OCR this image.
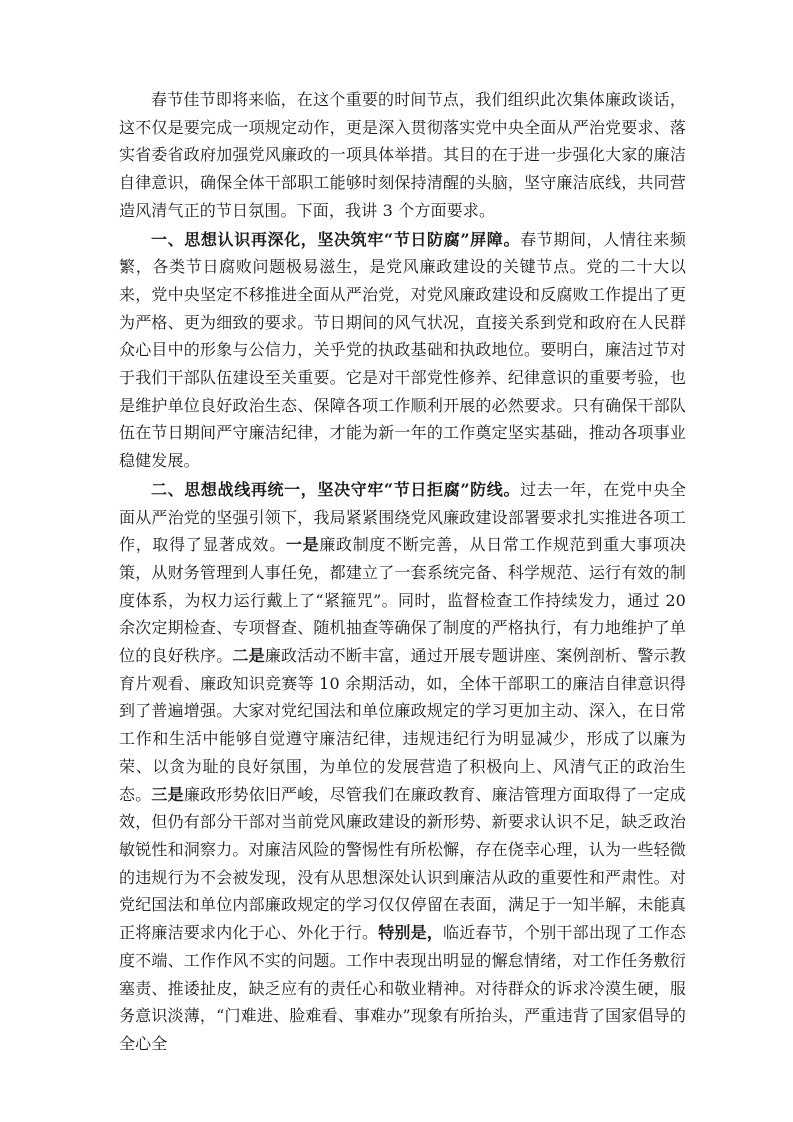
春节佳节即将来临，在这个重要的时间节点，我们组织此次集体廉政谈话，这不仅是要完成一项规定动作，更是深入贯彻落实党中央全面从严治党要求、落实省委省政府加强党风廉政的一项具体举措。其目的在于进一步强化大家的廉洁自律意识，确保全体干部职工能够时刻保持清醒的头脑，坚守廉洁底线，共同营造风清气正的节日氛围。下面，我讲 3 个方面要求。

一、思想认识再深化，坚决筑牢“节日防腐”屏障。春节期间，人情往来频繁，各类节日腐败问题极易滋生，是党风廉政建设的关键节点。党的二十大以来，党中央坚定不移推进全面从严治党，对党风廉政建设和反腐败工作提出了更为严格、更为细致的要求。节日期间的风气状况，直接关系到党和政府在人民群众心目中的形象与公信力，关乎党的执政基础和执政地位。要明白，廉洁过节对于我们干部队伍建设至关重要。它是对干部党性修养、纪律意识的重要考验，也是维护单位良好政治生态、保障各项工作顺利开展的必然要求。只有确保干部队伍在节日期间严守廉洁纪律，才能为新一年的工作奠定坚实基础，推动各项事业稳健发展。

二、思想战线再统一，坚决守牢“节日拒腐”防线。过去一年，在党中央全面从严治党的坚强引领下，我局紧紧围绕党风廉政建设部署要求扎实推进各项工作，取得了显著成效。一是廉政制度不断完善，从日常工作规范到重大事项决策，从财务管理到人事任免，都建立了一套系统完备、科学规范、运行有效的制度体系，为权力运行戴上了“紧箍咒”。同时，监督检查工作持续发力，通过 20 余次定期检查、专项督查、随机抽查等确保了制度的严格执行，有力地维护了单位的良好秩序。二是廉政活动不断丰富，通过开展专题讲座、案例剖析、警示教育片观看、廉政知识竞赛等 10 余期活动，如，全体干部职工的廉洁自律意识得到了普遍增强。大家对党纪国法和单位廉政规定的学习更加主动、深入，在日常工作和生活中能够自觉遵守廉洁纪律，违规违纪行为明显减少，形成了以廉为荣、以贪为耻的良好氛围，为单位的发展营造了积极向上、风清气正的政治生态。三是廉政形势依旧严峻，尽管我们在廉政教育、廉洁管理方面取得了一定成效，但仍有部分干部对当前党风廉政建设的新形势、新要求认识不足，缺乏政治敏锐性和洞察力。对廉洁风险的警惕性有所松懈，存在侥幸心理，认为一些轻微的违规行为不会被发现，没有从思想深处认识到廉洁从政的重要性和严肃性。对党纪国法和单位内部廉政规定的学习仅仅停留在表面，满足于一知半解，未能真正将廉洁要求内化于心、外化于行。特别是，临近春节，个别干部出现了工作态度不端、工作作风不实的问题。工作中表现出明显的懈怠情绪，对工作任务敷衍塞责、推诿扯皮，缺乏应有的责任心和敬业精神。对待群众的诉求冷漠生硬，服务意识淡薄，“门难进、脸难看、事难办”现象有所抬头，严重违背了国家倡导的全心全
